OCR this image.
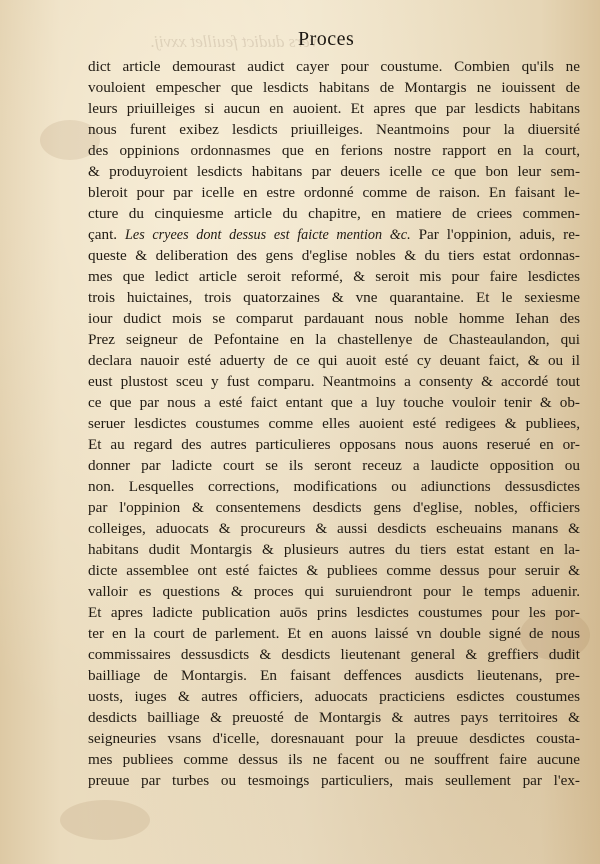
vers dudict feuillet xxvij.
Proces
dict article demourast audict cayer pour coustume. Combien qu'ils ne
vouloient empescher que lesdicts habitans de Montargis ne iouissent de
leurs priuilleiges si aucun en auoient. Et apres que par lesdicts habitans
nous furent exibez lesdicts priuilleiges. Neantmoins pour la diuersité
des oppinions ordonnasmes que en ferions nostre rapport en la court,
& produyroient lesdicts habitans par deuers icelle ce que bon leur sem-
bleroit pour par icelle en estre ordonné comme de raison. En faisant le-
cture du cinquiesme article du chapitre, en matiere de criees commen-
çant. Les cryees dont dessus est faicte mention &c. Par l'oppinion, aduis, re-
queste & deliberation des gens d'eglise nobles & du tiers estat ordonnas-
mes que ledict article seroit reformé, & seroit mis pour faire lesdictes
trois huictaines, trois quatorzaines & vne quarantaine. Et le sexiesme
iour dudict mois se comparut pardauant nous noble homme Iehan des
Prez seigneur de Pefontaine en la chastellenye de Chasteaulandon, qui
declara nauoir esté aduerty de ce qui auoit esté cy deuant faict, & ou il
eust plustost sceu y fust comparu. Neantmoins a consenty & accordé tout
ce que par nous a esté faict entant que a luy touche vouloir tenir & ob-
seruer lesdictes coustumes comme elles auoient esté redigees & publiees,
Et au regard des autres particulieres opposans nous auons reserué en or-
donner par ladicte court se ils seront receuz a laudicte opposition ou
non. Lesquelles corrections, modifications ou adiunctions dessusdictes
par l'oppinion & consentemens desdicts gens d'eglise, nobles, officiers
colleiges, aduocats & procureurs & aussi desdicts escheuains manans &
habitans dudit Montargis & plusieurs autres du tiers estat estant en la-
dicte assemblee ont esté faictes & publiees comme dessus pour seruir &
valloir es questions & proces qui suruiendront pour le temps aduenir.
Et apres ladicte publication auōs prins lesdictes coustumes pour les por-
ter en la court de parlement. Et en auons laissé vn double signé de nous
commissaires dessusdicts & desdicts lieutenant general & greffiers dudit
bailliage de Montargis. En faisant deffences ausdicts lieutenans, pre-
uosts, iuges & autres officiers, aduocats practiciens esdictes coustumes
desdicts bailliage & preuosté de Montargis & autres pays territoires &
seigneuries vsans d'icelle, doresnauant pour la preuue desdictes cousta-
mes publiees comme dessus ils ne facent ou ne souffrent faire aucune
preuue par turbes ou tesmoings particuliers, mais seullement par l'ex-
